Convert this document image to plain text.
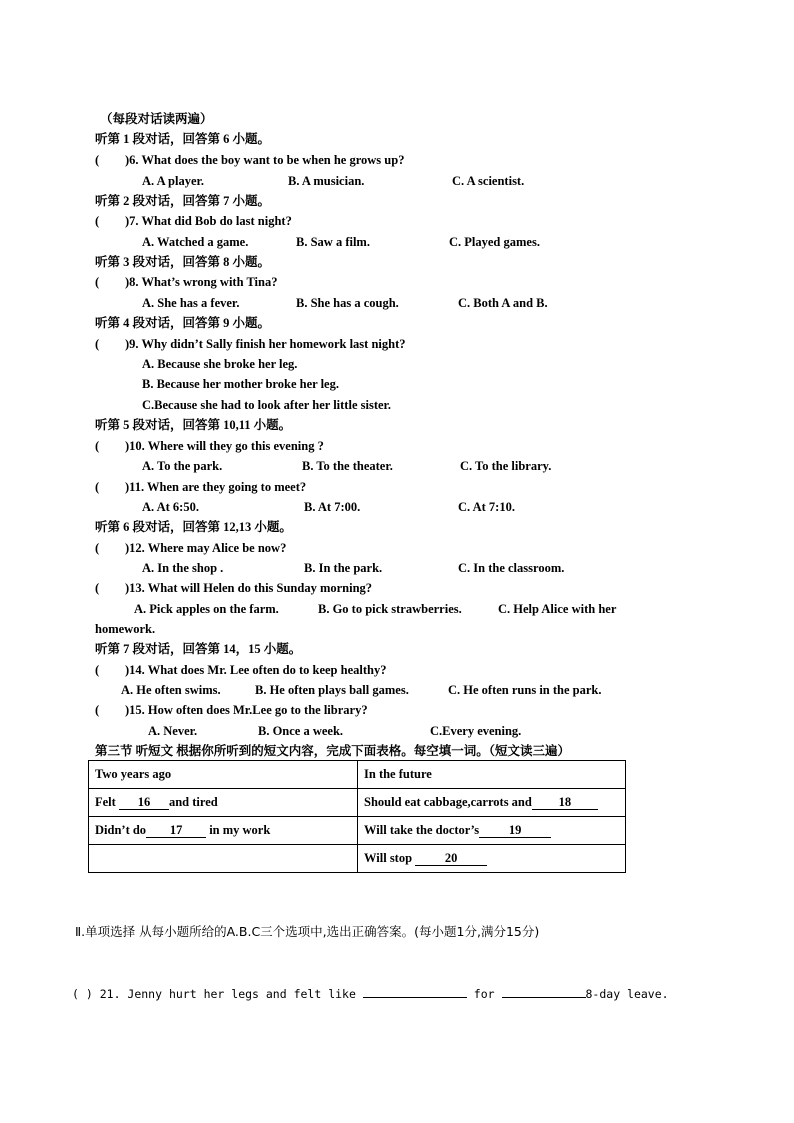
（每段对话读两遍）
听第 1 段对话，回答第 6 小题。
( )6. What does the boy want to be when he grows up?
A. A player.	B. A musician.	C. A scientist.
听第 2 段对话，回答第 7 小题。
( )7. What did Bob do last night?
A. Watched a game.	B. Saw a film.	C. Played games.
听第 3 段对话，回答第 8 小题。
( )8. What’s wrong with Tina?
A. She has a fever.	B. She has a cough.	C. Both A and B.
听第 4 段对话，回答第 9 小题。
( )9. Why didn’t Sally finish her homework last night?
A. Because she broke her leg.
B. Because her mother broke her leg.
C.Because she had to look after her little sister.
听第 5 段对话，回答第 10,11 小题。
( )10. Where will they go this evening ?
A. To the park.	B. To the theater.	C. To the library.
( )11. When are they going to meet?
A. At 6:50.	B. At 7:00.	C. At 7:10.
听第 6 段对话，回答第 12,13 小题。
( )12. Where may Alice be now?
A. In the shop .	B. In the park.	C. In the classroom.
( )13. What will Helen do this Sunday morning?
A. Pick apples on the farm.	B. Go to pick strawberries.	C. Help Alice with her
homework.
听第 7 段对话，回答第 14，15 小题。
( )14. What does Mr. Lee often do to keep healthy?
A. He often swims.	B. He often plays ball games.	C. He often runs in the park.
( )15. How often does Mr.Lee go to the library?
A. Never.	B. Once a week.	C.Every evening.
第三节 听短文 根据你所听到的短文内容，完成下面表格。每空填一词。（短文读三遍）
Two years ago	In the future
Felt 16 and tired	Should eat cabbage,carrots and 18
Didn’t do 17 in my work	Will take the doctor’s 19
	Will stop 20
Ⅱ.单项选择 从每小题所给的A.B.C三个选项中,选出正确答案。(每小题1分,满分15分)
( ) 21. Jenny hurt her legs and felt like	for	8-day leave.
